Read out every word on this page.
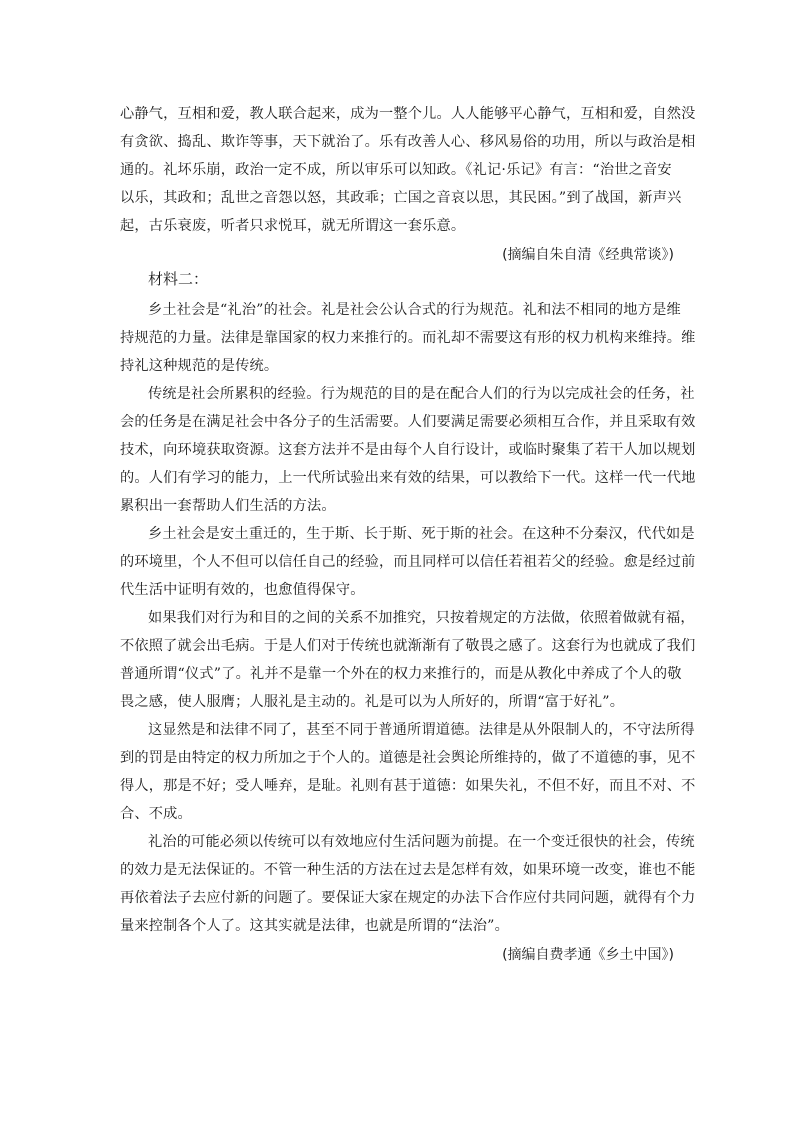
心静气，互相和爱，教人联合起来，成为一整个儿。人人能够平心静气，互相和爱，自然没
有贪欲、捣乱、欺诈等事，天下就治了。乐有改善人心、移风易俗的功用，所以与政治是相
通的。礼坏乐崩，政治一定不成，所以审乐可以知政。《礼记·乐记》有言：“治世之音安
以乐，其政和；乱世之音怨以怒，其政乖；亡国之音哀以思，其民困。”到了战国，新声兴
起，古乐衰废，听者只求悦耳，就无所谓这一套乐意。
(摘编自朱自清《经典常谈》)
材料二：
乡土社会是“礼治”的社会。礼是社会公认合式的行为规范。礼和法不相同的地方是维
持规范的力量。法律是靠国家的权力来推行的。而礼却不需要这有形的权力机构来维持。维
持礼这种规范的是传统。
传统是社会所累积的经验。行为规范的目的是在配合人们的行为以完成社会的任务，社
会的任务是在满足社会中各分子的生活需要。人们要满足需要必须相互合作，并且采取有效
技术，向环境获取资源。这套方法并不是由每个人自行设计，或临时聚集了若干人加以规划
的。人们有学习的能力，上一代所试验出来有效的结果，可以教给下一代。这样一代一代地
累积出一套帮助人们生活的方法。
乡土社会是安土重迁的，生于斯、长于斯、死于斯的社会。在这种不分秦汉，代代如是
的环境里，个人不但可以信任自己的经验，而且同样可以信任若祖若父的经验。愈是经过前
代生活中证明有效的，也愈值得保守。
如果我们对行为和目的之间的关系不加推究，只按着规定的方法做，依照着做就有福，
不依照了就会出毛病。于是人们对于传统也就渐渐有了敬畏之感了。这套行为也就成了我们
普通所谓“仪式”了。礼并不是靠一个外在的权力来推行的，而是从教化中养成了个人的敬
畏之感，使人服膺；人服礼是主动的。礼是可以为人所好的，所谓“富于好礼”。
这显然是和法律不同了，甚至不同于普通所谓道德。法律是从外限制人的，不守法所得
到的罚是由特定的权力所加之于个人的。道德是社会舆论所维持的，做了不道德的事，见不
得人，那是不好；受人唾弃，是耻。礼则有甚于道德：如果失礼，不但不好，而且不对、不
合、不成。
礼治的可能必须以传统可以有效地应付生活问题为前提。在一个变迁很快的社会，传统
的效力是无法保证的。不管一种生活的方法在过去是怎样有效，如果环境一改变，谁也不能
再依着法子去应付新的问题了。要保证大家在规定的办法下合作应付共同问题，就得有个力
量来控制各个人了。这其实就是法律，也就是所谓的“法治”。
(摘编自费孝通《乡土中国》)
